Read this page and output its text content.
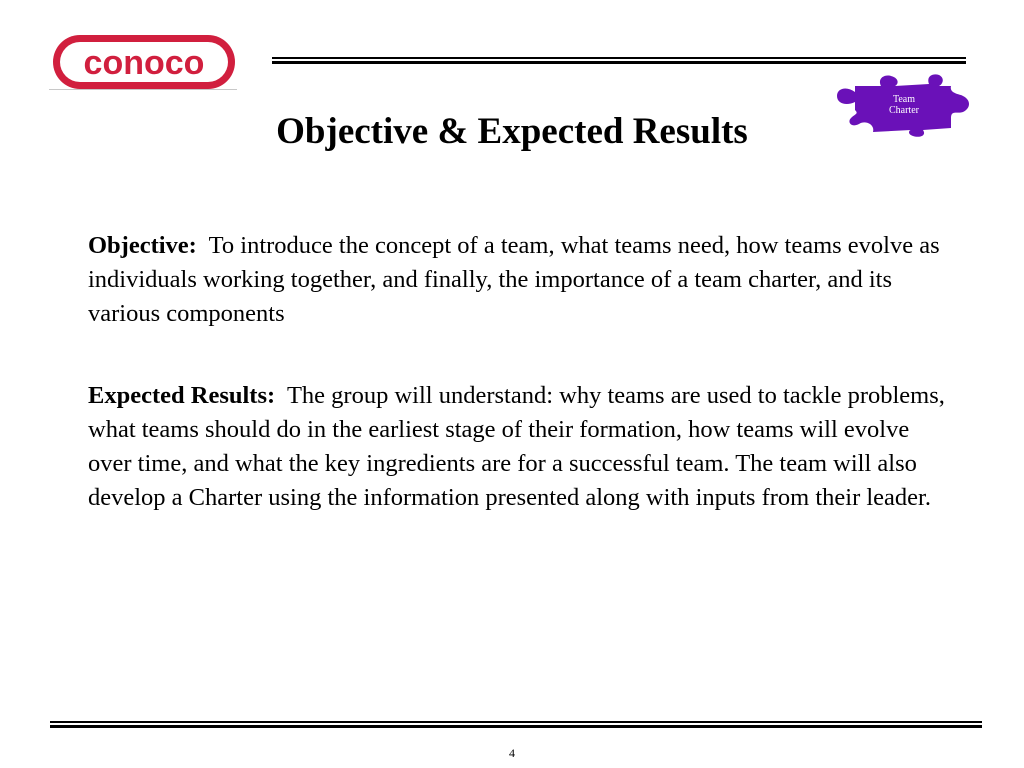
conoco
Team
Charter
Objective & Expected Results

Objective: To introduce the concept of a team, what teams need, how teams evolve as individuals working together, and finally, the importance of a team charter, and its various components

Expected Results: The group will understand: why teams are used to tackle problems, what teams should do in the earliest stage of their formation, how teams will evolve over time, and what the key ingredients are for a successful team. The team will also develop a Charter using the information presented along with inputs from their leader.

4
